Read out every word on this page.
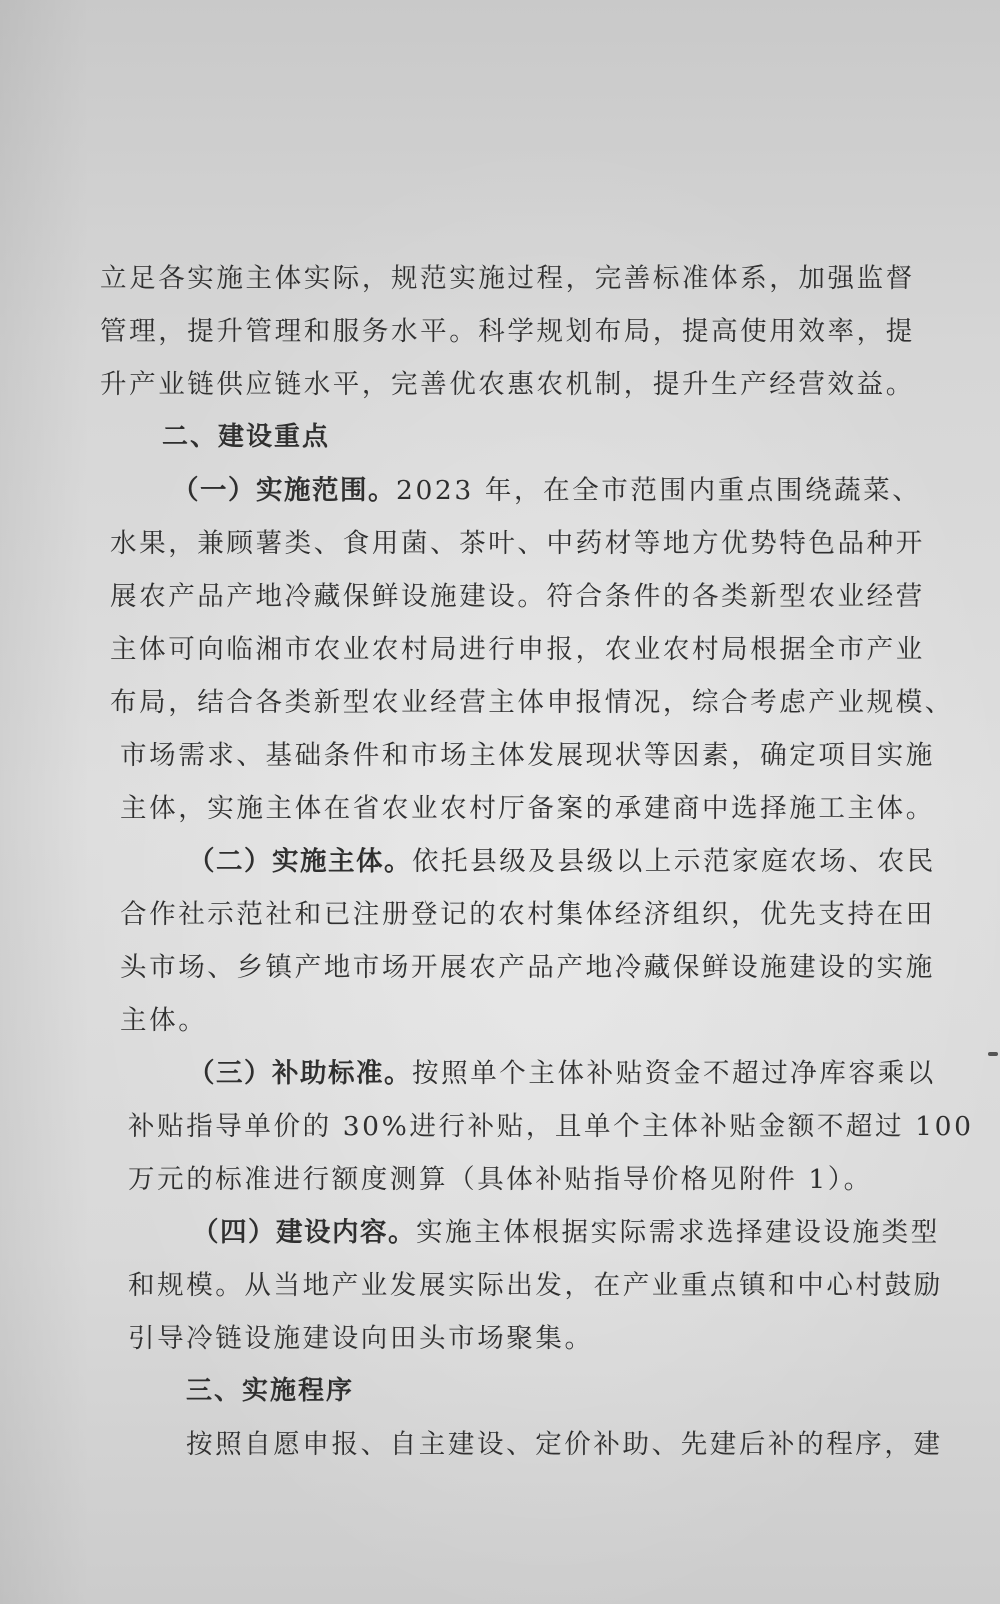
立足各实施主体实际，规范实施过程，完善标准体系，加强监督
管理，提升管理和服务水平。科学规划布局，提高使用效率，提
升产业链供应链水平，完善优农惠农机制，提升生产经营效益。
二、建设重点
（一）实施范围。2023 年，在全市范围内重点围绕蔬菜、
水果，兼顾薯类、食用菌、茶叶、中药材等地方优势特色品种开
展农产品产地冷藏保鲜设施建设。符合条件的各类新型农业经营
主体可向临湘市农业农村局进行申报，农业农村局根据全市产业
布局，结合各类新型农业经营主体申报情况，综合考虑产业规模、
市场需求、基础条件和市场主体发展现状等因素，确定项目实施
主体，实施主体在省农业农村厅备案的承建商中选择施工主体。
（二）实施主体。依托县级及县级以上示范家庭农场、农民
合作社示范社和已注册登记的农村集体经济组织，优先支持在田
头市场、乡镇产地市场开展农产品产地冷藏保鲜设施建设的实施
主体。
（三）补助标准。按照单个主体补贴资金不超过净库容乘以
补贴指导单价的 30%进行补贴，且单个主体补贴金额不超过 100
万元的标准进行额度测算（具体补贴指导价格见附件 1）。
（四）建设内容。实施主体根据实际需求选择建设设施类型
和规模。从当地产业发展实际出发，在产业重点镇和中心村鼓励
引导冷链设施建设向田头市场聚集。
三、实施程序
按照自愿申报、自主建设、定价补助、先建后补的程序，建
